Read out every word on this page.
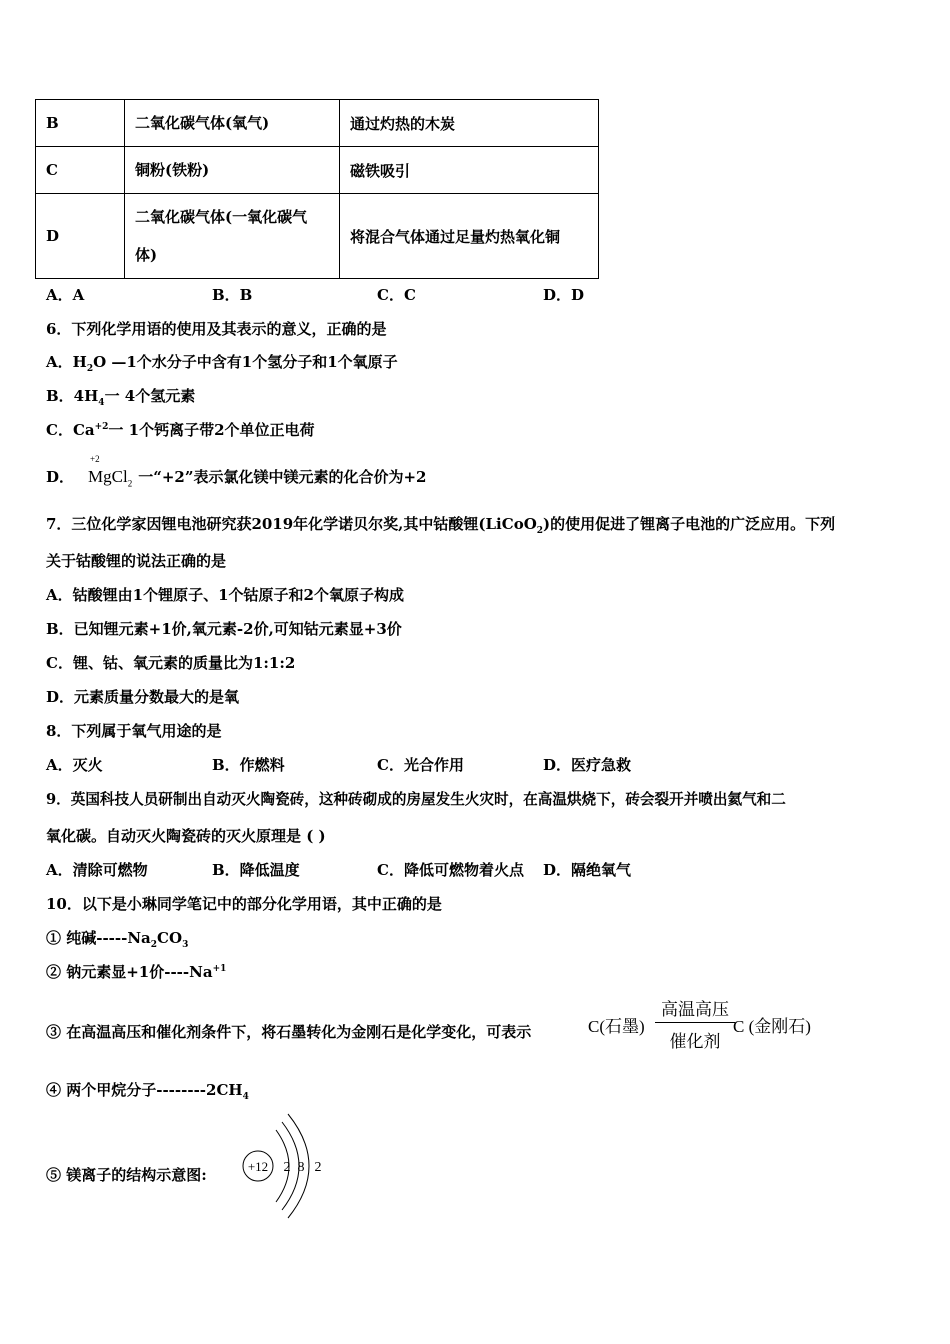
B	二氧化碳气体(氧气)	通过灼热的木炭
C	铜粉(铁粉)	磁铁吸引
D	二氧化碳气体(一氧化碳气体)	将混合气体通过足量灼热氧化铜
A．A	B．B	C．C	D．D
6．下列化学用语的使用及其表示的意义，正确的是
A．$H_2O$ —1个水分子中含有1个氢分子和1个氧原子
B．$4H_4$一 4个氢元素
C．$Ca^{+2}$一 1个钙离子带2个单位正电荷
D．
+2
MgCl$_2$ 一“+2”表示氯化镁中镁元素的化合价为+2
7．三位化学家因锂电池研究获2019年化学诺贝尔奖,其中钴酸锂(LiCoO$_2$)的使用促进了锂离子电池的广泛应用。下列
关于钴酸锂的说法正确的是
A．钴酸锂由1个锂原子、1个钴原子和2个氧原子构成
B．已知锂元素+1价,氧元素-2价,可知钴元素显+3价
C．锂、钴、氧元素的质量比为1:1:2
D．元素质量分数最大的是氧
8．下列属于氧气用途的是
A．灭火	B．作燃料	C．光合作用	D．医疗急救
9．英国科技人员研制出自动灭火陶瓷砖，这种砖砌成的房屋发生火灾时，在高温烘烧下，砖会裂开并喷出氦气和二
氧化碳。自动灭火陶瓷砖的灭火原理是 ( )
A．清除可燃物	B．降低温度	C．降低可燃物着火点 D．隔绝氧气
10．以下是小琳同学笔记中的部分化学用语，其中正确的是
① 纯碱$-----Na_2CO_3$
② 钠元素显+1价$----Na^{+1}$
③ 在高温高压和催化剂条件下，将石墨转化为金刚石是化学变化，可表示	C(石墨)
高温高压
催化剂
C (金刚石)
④ 两个甲烷分子$--------2CH_4$
⑤ 镁离子的结构示意图:	+12 2 8 2
